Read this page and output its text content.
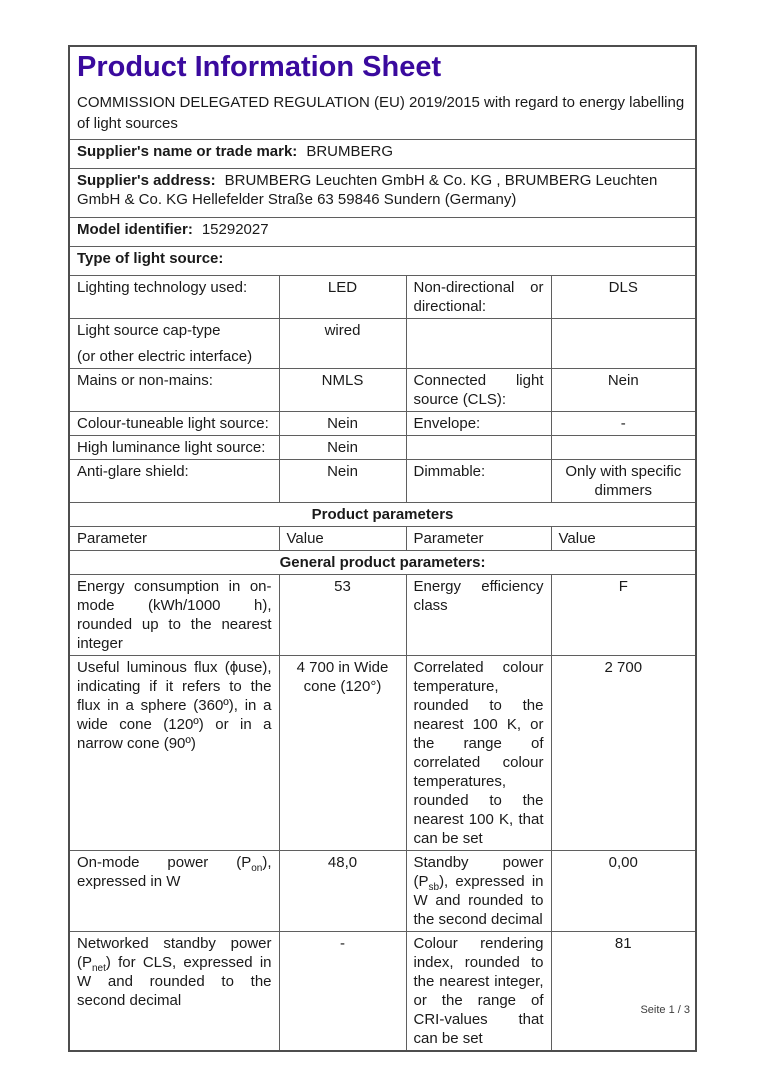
Product Information Sheet
COMMISSION DELEGATED REGULATION (EU) 2019/2015 with regard to energy labelling of light sources			

Supplier's name or trade mark: BRUMBERG			
Supplier's address: BRUMBERG Leuchten GmbH & Co. KG , BRUMBERG Leuchten GmbH & Co. KG Hellefelder Straße 63 59846 Sundern (Germany)			
Model identifier: 15292027			
Type of light source:			
Lighting technology used:	LED	Non-directional or directional:	DLS

Light source cap-type
(or other electric interface)	wired		
Mains or non-mains:	NMLS	Connected light source (CLS):	Nein
Colour-tuneable light source:	Nein	Envelope:	-
High luminance light source:	Nein		
Anti-glare shield:	Nein	Dimmable:	Only with specific dimmers
Product parameters			
Parameter	Value	Parameter	Value
General product parameters:			
Energy consumption in on-mode (kWh/1000 h), rounded up to the nearest integer	53	Energy efficiency class	F
Useful luminous flux (ϕuse), indicating if it refers to the flux in a sphere (360º), in a wide cone (120º) or in a narrow cone (90º)	4 700 in Wide cone (120°)	Correlated colour temperature, rounded to the nearest 100 K, or the range of correlated colour temperatures, rounded to the nearest 100 K, that can be set	2 700
On-mode power $(P_{on})$, expressed in W	48,0	Standby power $(P_{sb})$, expressed in W and rounded to the second decimal	0,00
Networked standby power $(P_{net})$ for CLS, expressed in W and rounded to the second decimal	-	Colour rendering index, rounded to the nearest integer, or the range of CRI-values that can be set	81
Seite 1 / 3
